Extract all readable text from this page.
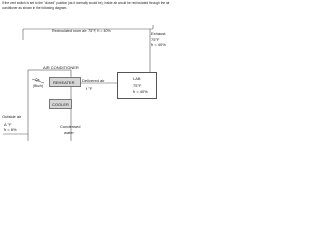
If the vent switch is set to the "closed" position (as it normally would be), inside air would be recirculated through the air
conditioner as shown in the following diagram.
Recirculated room air: 75°F, ħ = 40%	Exhaust
75°F
ħ = 40%
AIR CONDITIONER
REHEATER
COOLER
Q̇s
(Btu/h)
Delivered air
t °F
LAB
75°F
ħ = 40%
Outside air
A °F
ħ = 8%
Condensed
water
